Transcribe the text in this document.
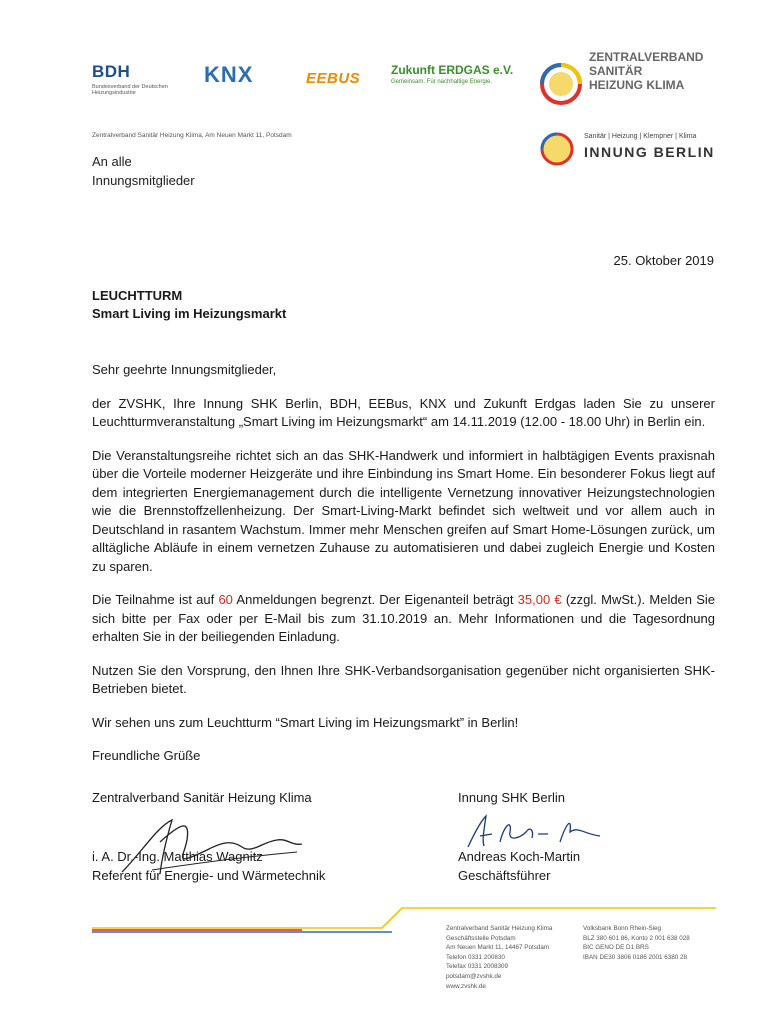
BDH
Bundesverband der Deutschen Heizungsindustrie
KNX	EEBUS	Zukunft ERDGAS e.V.
Gemeinsam. Für nachhaltige Energie.
ZENTRALVERBAND
SANITÄR
HEIZUNG KLIMA
Zentralverband Sanitär Heizung Klima, Am Neuen Markt 11, Potsdam
An alle
Innungsmitglieder
Sanitär | Heizung | Klempner | Klima
INNUNG BERLIN
25. Oktober 2019
LEUCHTTURM
Smart Living im Heizungsmarkt

Sehr geehrte Innungsmitglieder,

der ZVSHK, Ihre Innung SHK Berlin, BDH, EEBus, KNX und Zukunft Erdgas laden Sie zu unserer Leuchtturmveranstaltung „Smart Living im Heizungsmarkt“ am 14.11.2019 (12.00 - 18.00 Uhr) in Berlin ein.

Die Veranstaltungsreihe richtet sich an das SHK-Handwerk und informiert in halbtägigen Events praxisnah über die Vorteile moderner Heizgeräte und ihre Einbindung ins Smart Home. Ein besonderer Fokus liegt auf dem integrierten Energiemanagement durch die intelligente Vernetzung innovativer Heizungstechnologien wie die Brennstoffzellenheizung. Der Smart-Living-Markt befindet sich weltweit und vor allem auch in Deutschland in rasantem Wachstum. Immer mehr Menschen greifen auf Smart Home-Lösungen zurück, um alltägliche Abläufe in einem vernetzen Zuhause zu automatisieren und dabei zugleich Energie und Kosten zu sparen.

Die Teilnahme ist auf 60 Anmeldungen begrenzt. Der Eigenanteil beträgt 35,00 € (zzgl. MwSt.). Melden Sie sich bitte per Fax oder per E-Mail bis zum 31.10.2019 an. Mehr Informationen und die Tagesordnung erhalten Sie in der beiliegenden Einladung.

Nutzen Sie den Vorsprung, den Ihnen Ihre SHK-Verbandsorganisation gegenüber nicht organisierten SHK-Betrieben bietet.

Wir sehen uns zum Leuchtturm “Smart Living im Heizungsmarkt” in Berlin!

Freundliche Grüße

Zentralverband Sanitär Heizung Klima
i. A. Dr.-Ing. Matthias Wagnitz
Referent für Energie- und Wärmetechnik
Innung SHK Berlin
Andreas Koch-Martin
Geschäftsführer
Zentralverband Sanitär Heizung Klima
Geschäftsstelle Potsdam
Am Neuen Markt 11, 14467 Potsdam
Telefon 0331 200830
Telefax 0331 2008309
potsdam@zvshk.de
www.zvshk.de
Volksbank Bonn Rhein-Sieg
BLZ 380 601 86, Konto 2 001 638 028
BIC GENO DE D1 BRS
IBAN DE30 3806 0186 2001 6380 28
